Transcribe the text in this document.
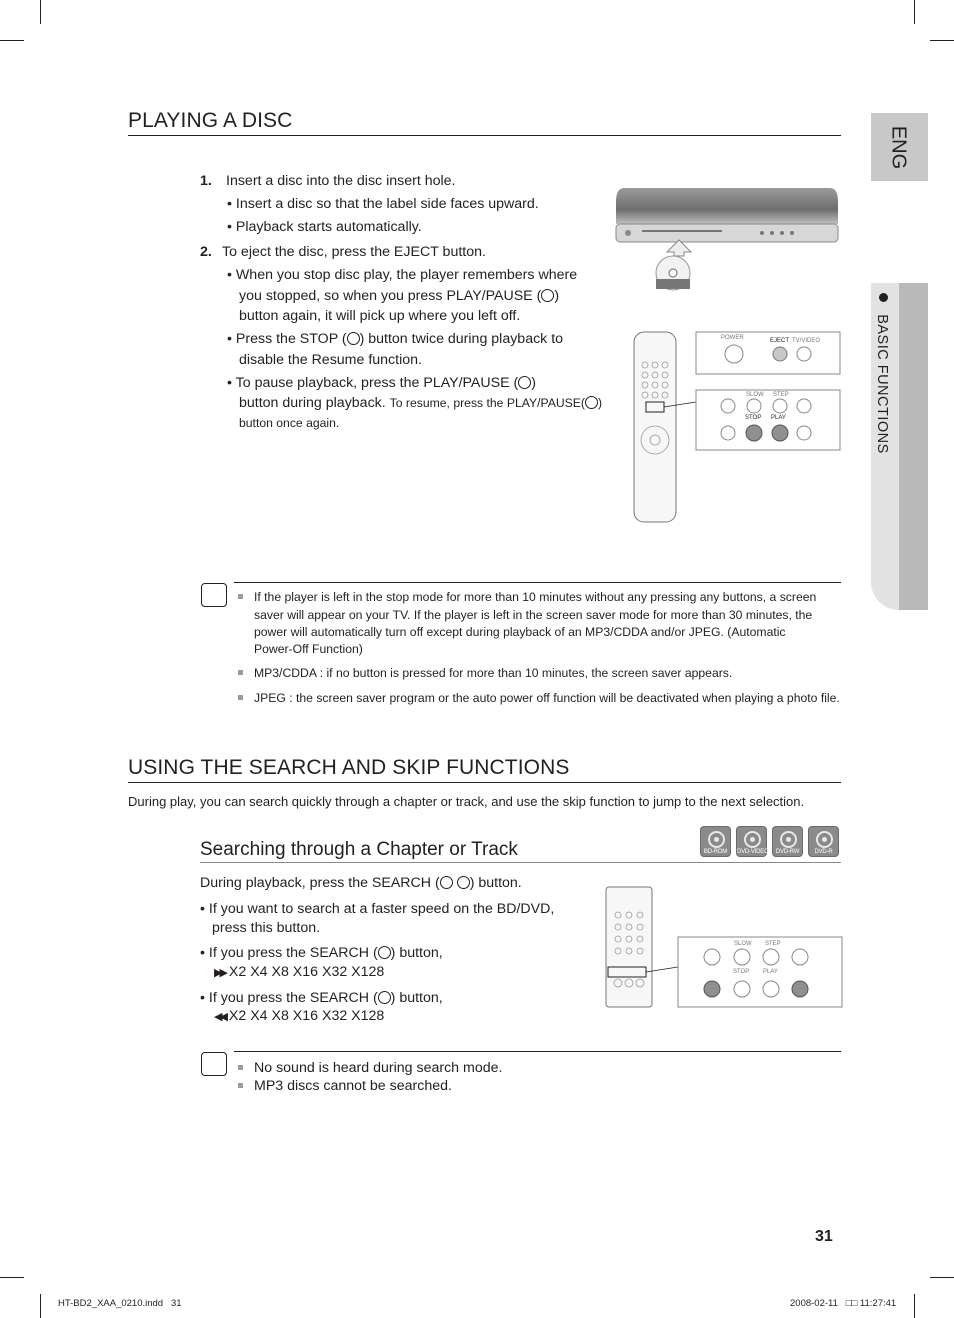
ENG
BASIC FUNCTIONS
PLAYING A DISC
1. Insert a disc into the disc insert hole.
• Insert a disc so that the label side faces upward.
• Playback starts automatically.
2. To eject the disc, press the EJECT button.
• When you stop disc play, the player remembers where
you stopped, so when you press PLAY/PAUSE ( )
button again, it will pick up where you left off.
• Press the STOP ( ) button twice during playback to
disable the Resume function.
• To pause playback, press the PLAY/PAUSE ( )
button during playback. To resume, press the PLAY/PAUSE( )
button once again.
POWER	EJECT TV/VIDEO
SLOW STEP
STOP PLAY
If the player is left in the stop mode for more than 10 minutes without any pressing any buttons, a screen
saver will appear on your TV. If the player is left in the screen saver mode for more than 30 minutes, the
power will automatically turn off except during playback of an MP3/CDDA and/or JPEG. (Automatic
Power-Off Function)
MP3/CDDA : if no button is pressed for more than 10 minutes, the screen saver appears.
JPEG : the screen saver program or the auto power off function will be deactivated when playing a photo file.
USING THE SEARCH AND SKIP FUNCTIONS
During play, you can search quickly through a chapter or track, and use the skip function to jump to the next selection.
Searching through a Chapter or Track	BD-ROM	DVD-VIDEO	DVD-RW	DVD-R
During playback, press the SEARCH ( ) button.
• If you want to search at a faster speed on the BD/DVD,
press this button.
• If you press the SEARCH ( ) button,
▶▶ X2 X4 X8 X16 X32 X128
• If you press the SEARCH ( ) button,
◀◀ X2 X4 X8 X16 X32 X128
SLOW STEP
STOP PLAY
No sound is heard during search mode.
MP3 discs cannot be searched.
31
HT-BD2_XAA_0210.indd   31	2008-02-11   □□ 11:27:41
